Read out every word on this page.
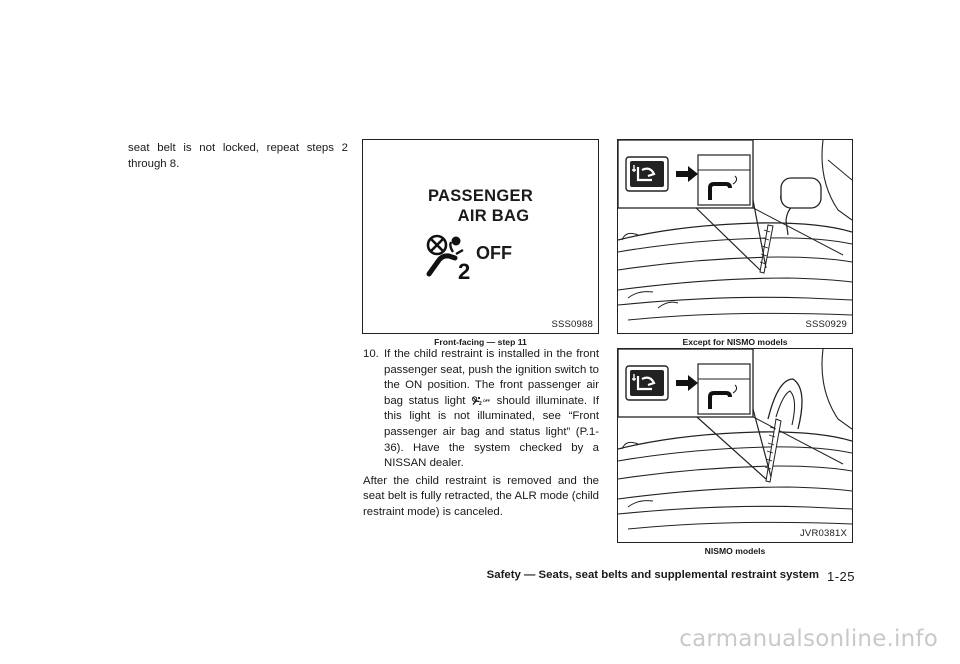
seat belt is not locked, repeat steps 2 through 8.

PASSENGER
AIR BAG
2
OFF
SSS0988
Front-facing — step 11
SSS0929
Except for NISMO models
JVR0381X
NISMO models

10. If the child restraint is installed in the front passenger seat, push the ignition switch to the ON position. The front passenger air bag status light	2 OFF should illuminate. If this light is not illuminated, see “Front passenger air bag and status light” (P.1-36). Have the system checked by a NISSAN dealer.

After the child restraint is removed and the seat belt is fully retracted, the ALR mode (child restraint mode) is canceled.

Safety — Seats, seat belts and supplemental restraint system 1-25
carmanualsonline.info
